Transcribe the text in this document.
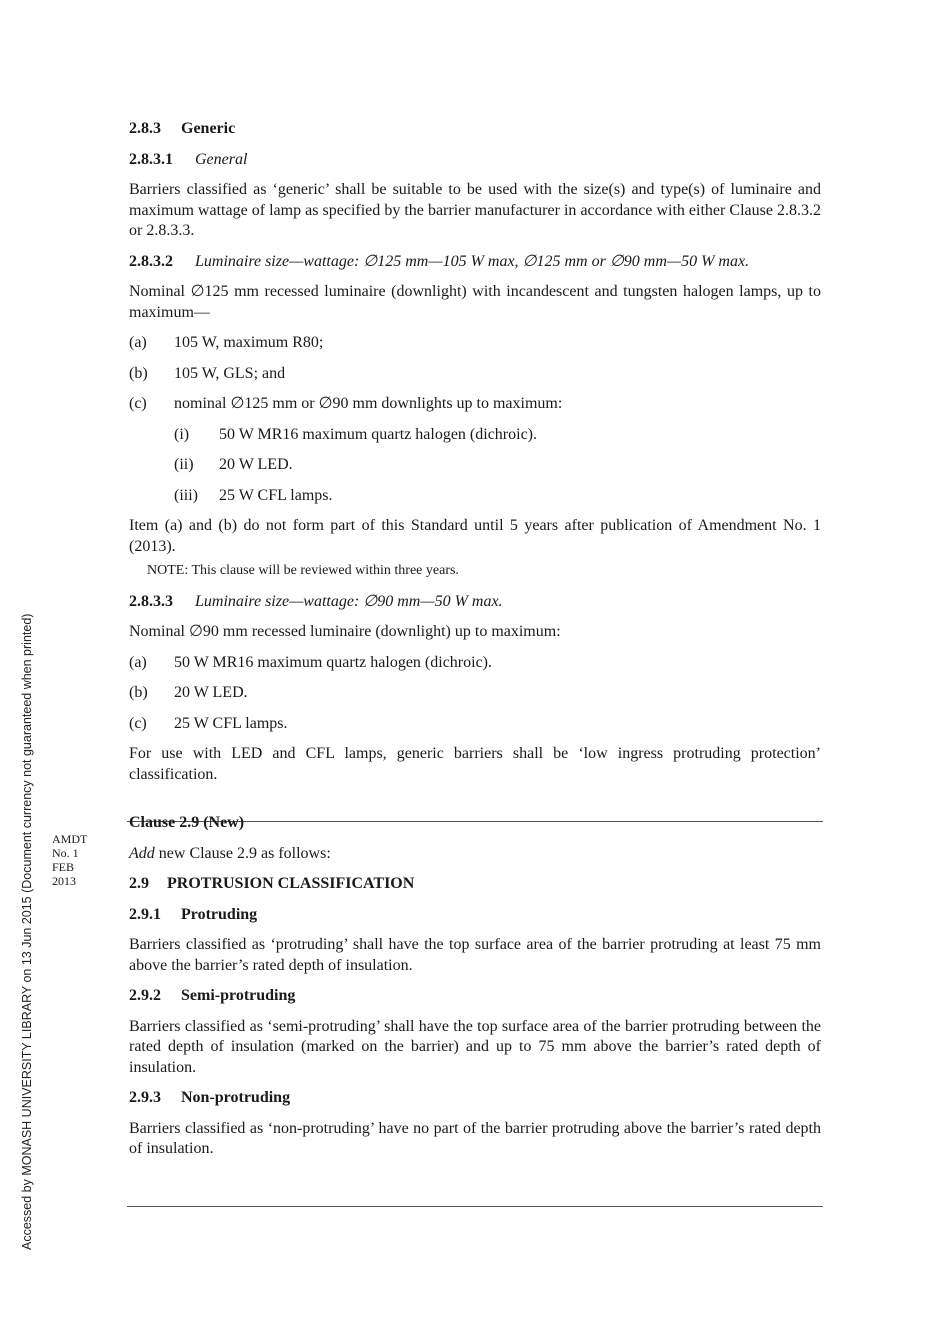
Accessed by MONASH UNIVERSITY LIBRARY on 13 Jun 2015 (Document currency not guaranteed when printed) AMDT
No. 1
FEB
2013

2.8.3 Generic

2.8.3.1 General

Barriers classified as ‘generic’ shall be suitable to be used with the size(s) and type(s) of luminaire and maximum wattage of lamp as specified by the barrier manufacturer in accordance with either Clause 2.8.3.2 or 2.8.3.3.

2.8.3.2 Luminaire size—wattage: ∅125 mm—105 W max, ∅125 mm or ∅90 mm—50 W max.

Nominal ∅125 mm recessed luminaire (downlight) with incandescent and tungsten halogen lamps, up to maximum—

(a) 105 W, maximum R80;
(b) 105 W, GLS; and
(c) nominal ∅125 mm or ∅90 mm downlights up to maximum:
(i) 50 W MR16 maximum quartz halogen (dichroic).
(ii) 20 W LED.
(iii) 25 W CFL lamps.

Item (a) and (b) do not form part of this Standard until 5 years after publication of Amendment No. 1 (2013).

NOTE: This clause will be reviewed within three years.

2.8.3.3 Luminaire size—wattage: ∅90 mm—50 W max.

Nominal ∅90 mm recessed luminaire (downlight) up to maximum:

(a) 50 W MR16 maximum quartz halogen (dichroic).
(b) 20 W LED.
(c) 25 W CFL lamps.

For use with LED and CFL lamps, generic barriers shall be ‘low ingress protruding protection’ classification.

Clause 2.9 (New)

Add new Clause 2.9 as follows:

2.9 PROTRUSION CLASSIFICATION

2.9.1 Protruding

Barriers classified as ‘protruding’ shall have the top surface area of the barrier protruding at least 75 mm above the barrier’s rated depth of insulation.

2.9.2 Semi-protruding

Barriers classified as ‘semi-protruding’ shall have the top surface area of the barrier protruding between the rated depth of insulation (marked on the barrier) and up to 75 mm above the barrier’s rated depth of insulation.

2.9.3 Non-protruding

Barriers classified as ‘non-protruding’ have no part of the barrier protruding above the barrier’s rated depth of insulation.
